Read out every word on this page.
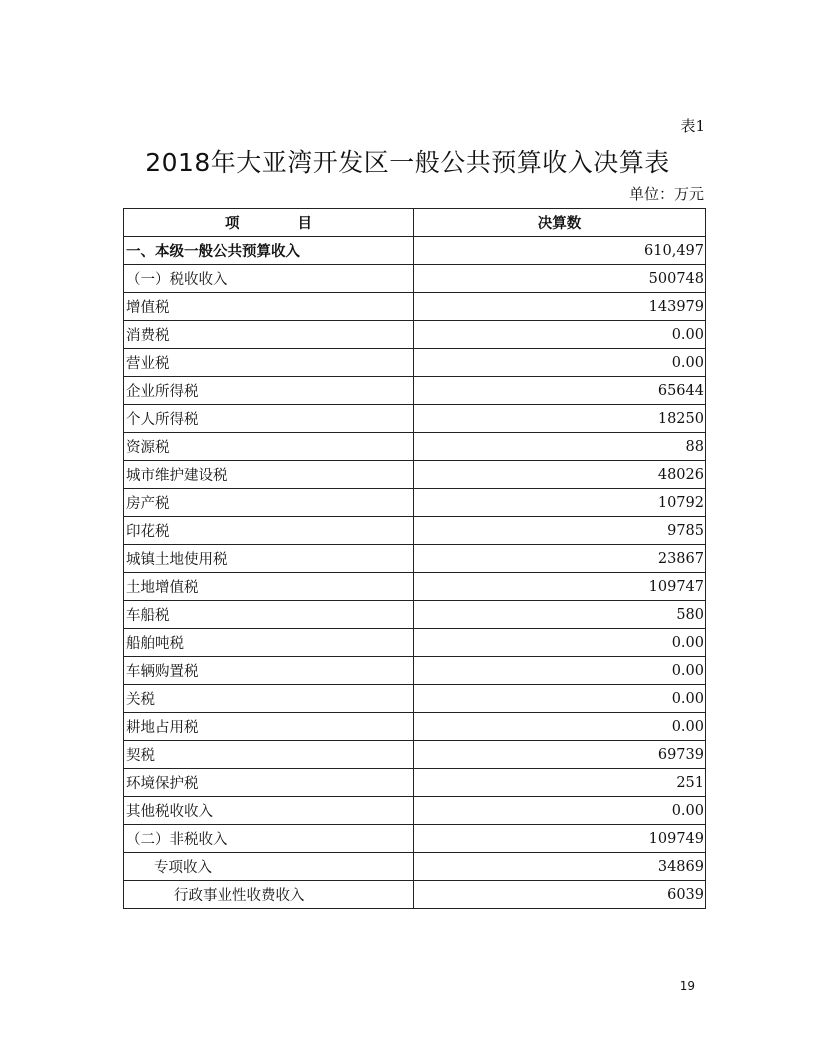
表1
2018年大亚湾开发区一般公共预算收入决算表
单位：万元
项　　　　目	决算数
一、本级一般公共预算收入	610,497
（一）税收收入	500748
增值税	143979
消费税	0.00
营业税	0.00
企业所得税	65644
个人所得税	18250
资源税	88
城市维护建设税	48026
房产税	10792
印花税	9785
城镇土地使用税	23867
土地增值税	109747
车船税	580
船舶吨税	0.00
车辆购置税	0.00
关税	0.00
耕地占用税	0.00
契税	69739
环境保护税	251
其他税收收入	0.00
（二）非税收入	109749
专项收入	34869
行政事业性收费收入	6039
19
